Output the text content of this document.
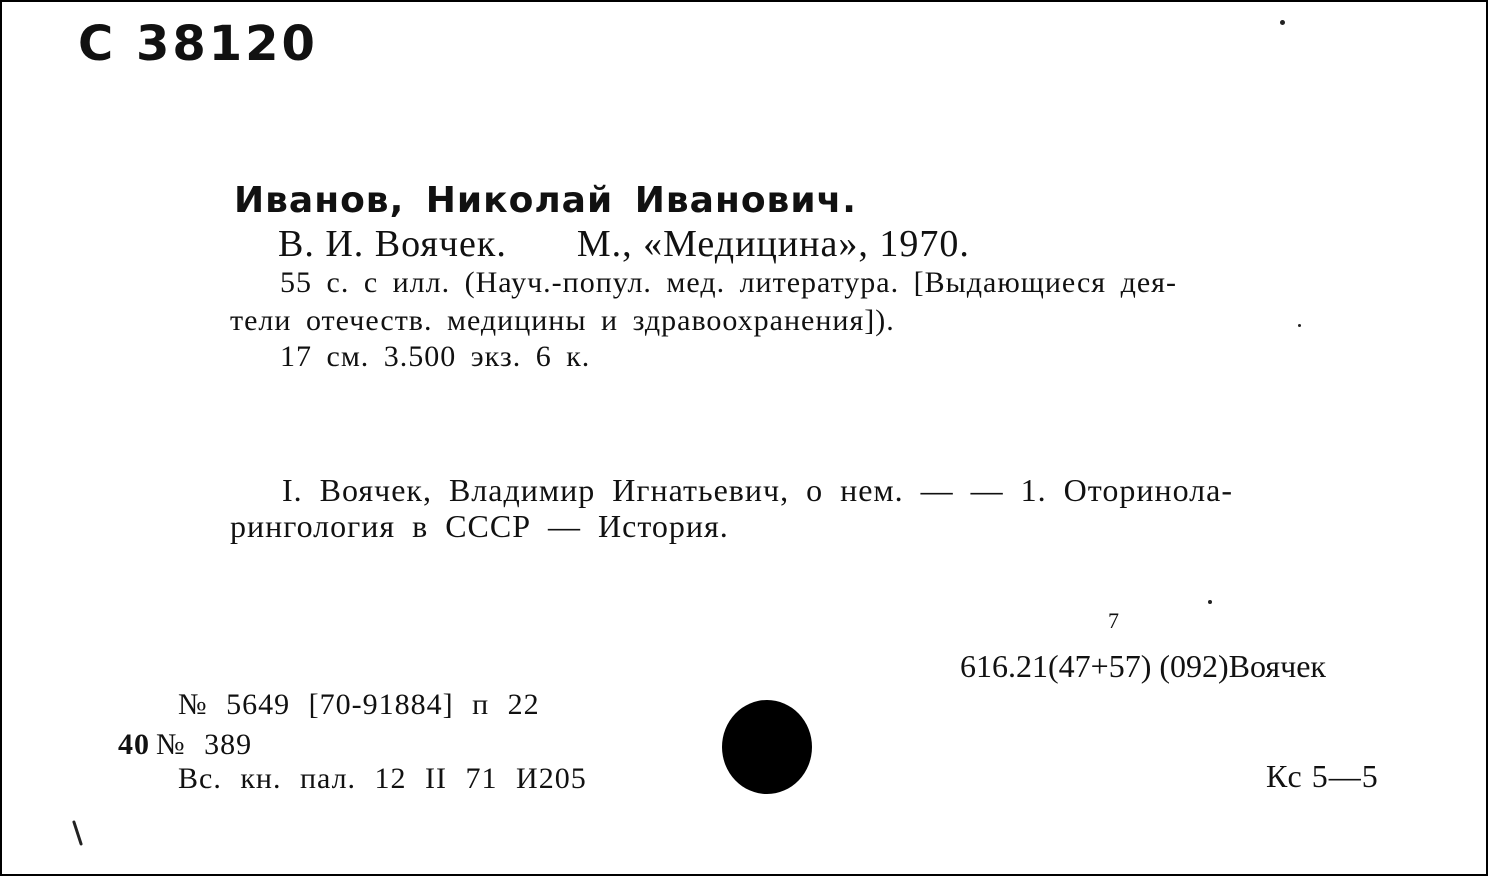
С 38120
Иванов, Николай Иванович.
В. И. Воячек. М., «Медицина», 1970.
55 с. с илл. (Науч.-попул. мед. литература. [Выдающиеся дея-
тели отечеств. медицины и здравоохранения]).
17 см. 3.500 экз. 6 к.
I. Воячек, Владимир Игнатьевич, о нем. — — 1. Оторинола-
рингология в СССР — История.
7
616.21(47+57) (092)Воячек
№ 5649 [70-91884] п 22
40 № 389
Вс. кн. пал. 12 II 71 И205	Кс 5—5
